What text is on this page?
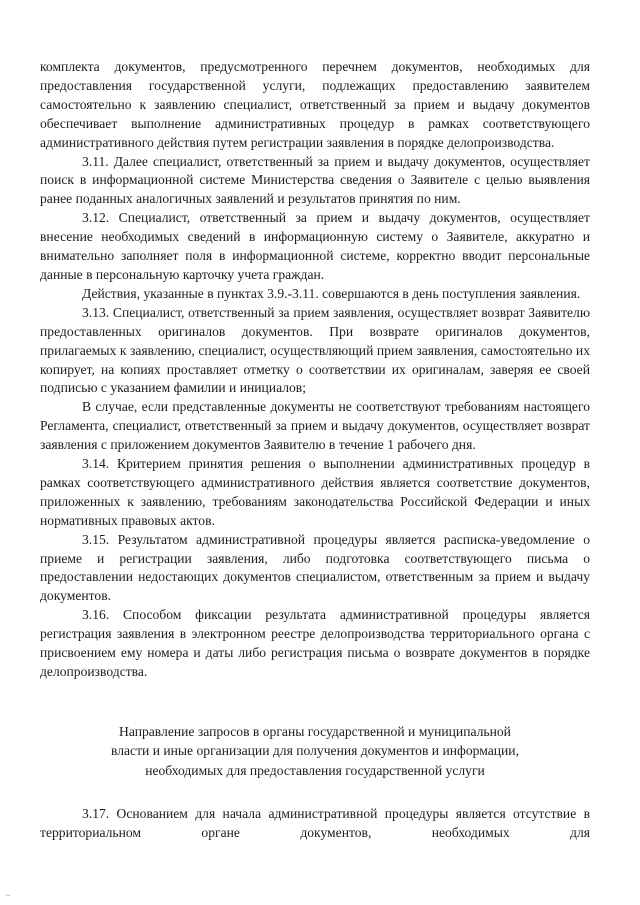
комплекта документов, предусмотренного перечнем документов, необходимых для предоставления государственной услуги, подлежащих предоставлению заявителем самостоятельно к заявлению специалист, ответственный за прием и выдачу документов обеспечивает выполнение административных процедур в рамках соответствующего административного действия путем регистрации заявления в порядке делопроизводства.

3.11. Далее специалист, ответственный за прием и выдачу документов, осуществляет поиск в информационной системе Министерства сведения о Заявителе с целью выявления ранее поданных аналогичных заявлений и результатов принятия по ним.

3.12. Специалист, ответственный за прием и выдачу документов, осуществляет внесение необходимых сведений в информационную систему о Заявителе, аккуратно и внимательно заполняет поля в информационной системе, корректно вводит персональные данные в персональную карточку учета граждан.

Действия, указанные в пунктах 3.9.-3.11. совершаются в день поступления заявления.

3.13. Специалист, ответственный за прием заявления, осуществляет возврат Заявителю предоставленных оригиналов документов. При возврате оригиналов документов, прилагаемых к заявлению, специалист, осуществляющий прием заявления, самостоятельно их копирует, на копиях проставляет отметку о соответствии их оригиналам, заверяя ее своей подписью с указанием фамилии и инициалов;

В случае, если представленные документы не соответствуют требованиям настоящего Регламента, специалист, ответственный за прием и выдачу документов, осуществляет возврат заявления с приложением документов Заявителю в течение 1 рабочего дня.

3.14. Критерием принятия решения о выполнении административных процедур в рамках соответствующего административного действия является соответствие документов, приложенных к заявлению, требованиям законодательства Российской Федерации и иных нормативных правовых актов.

3.15. Результатом административной процедуры является расписка-уведомление о приеме и регистрации заявления, либо подготовка соответствующего письма о предоставлении недостающих документов специалистом, ответственным за прием и выдачу документов.

3.16. Способом фиксации результата административной процедуры является регистрация заявления в электронном реестре делопроизводства территориального органа с присвоением ему номера и даты либо регистрация письма о возврате документов в порядке делопроизводства.

Направление запросов в органы государственной и муниципальной
власти и иные организации для получения документов и информации,
необходимых для предоставления государственной услуги

3.17. Основанием для начала административной процедуры является отсутствие в территориальном органе документов, необходимых для

~
